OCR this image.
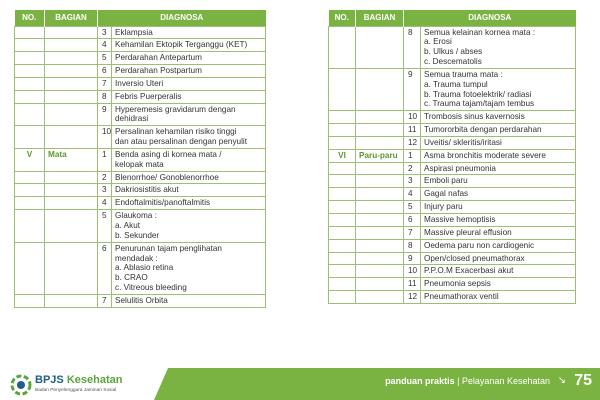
NO.	BAGIAN	DIAGNOSA	
		3	Eklampsia

		4	Kehamilan Ektopik Terganggu (KET)

		5	Perdarahan Antepartum

		6	Perdarahan Postpartum

		7	Inversio Uteri

		8	Febris Puerperalis

		9	Hyperemesis gravidarum dengan
dehidrasi

		10	Persalinan kehamilan risiko tinggi
dan atau persalinan dengan penyulit

V	Mata	1	Benda asing di kornea mata /
kelopak mata

		2	Blenorrhoe/ Gonoblenorrhoe

		3	Dakriosistitis akut

		4	Endoftalmitis/panoftalmitis

		5	Glaukoma :
a. Akut
b. Sekunder

		6	Penurunan tajam penglihatan
mendadak :
a. Ablasio retina
b. CRAO
c. Vitreous bleeding

		7	Selulitis Orbita
NO.	BAGIAN	DIAGNOSA	
		8	Semua kelainan kornea mata :
a. Erosi
b. Ulkus / abses
c. Descematolis

		9	Semua trauma mata :
a. Trauma tumpul
b. Trauma fotoelektrik/ radiasi
c. Trauma tajam/tajam tembus

		10	Trombosis sinus kavernosis

		11	Tumororbita dengan perdarahan

		12	Uveitis/ skleritis/iritasi

VI	Paru-paru	1	Asma bronchitis moderate severe

		2	Aspirasi pneumonia

		3	Emboli paru

		4	Gagal nafas

		5	Injury paru

		6	Massive hemoptisis

		7	Massive pleural effusion

		8	Oedema paru non cardiogenic

		9	Open/closed pneumathorax

		10	P.P.O.M Exacerbasi akut

		11	Pneumonia sepsis

		12	Pneumathorax ventil
BPJS Kesehatan
Badan Penyelenggara Jaminan Sosial
panduan praktis | Pelayanan Kesehatan ↘ 75
